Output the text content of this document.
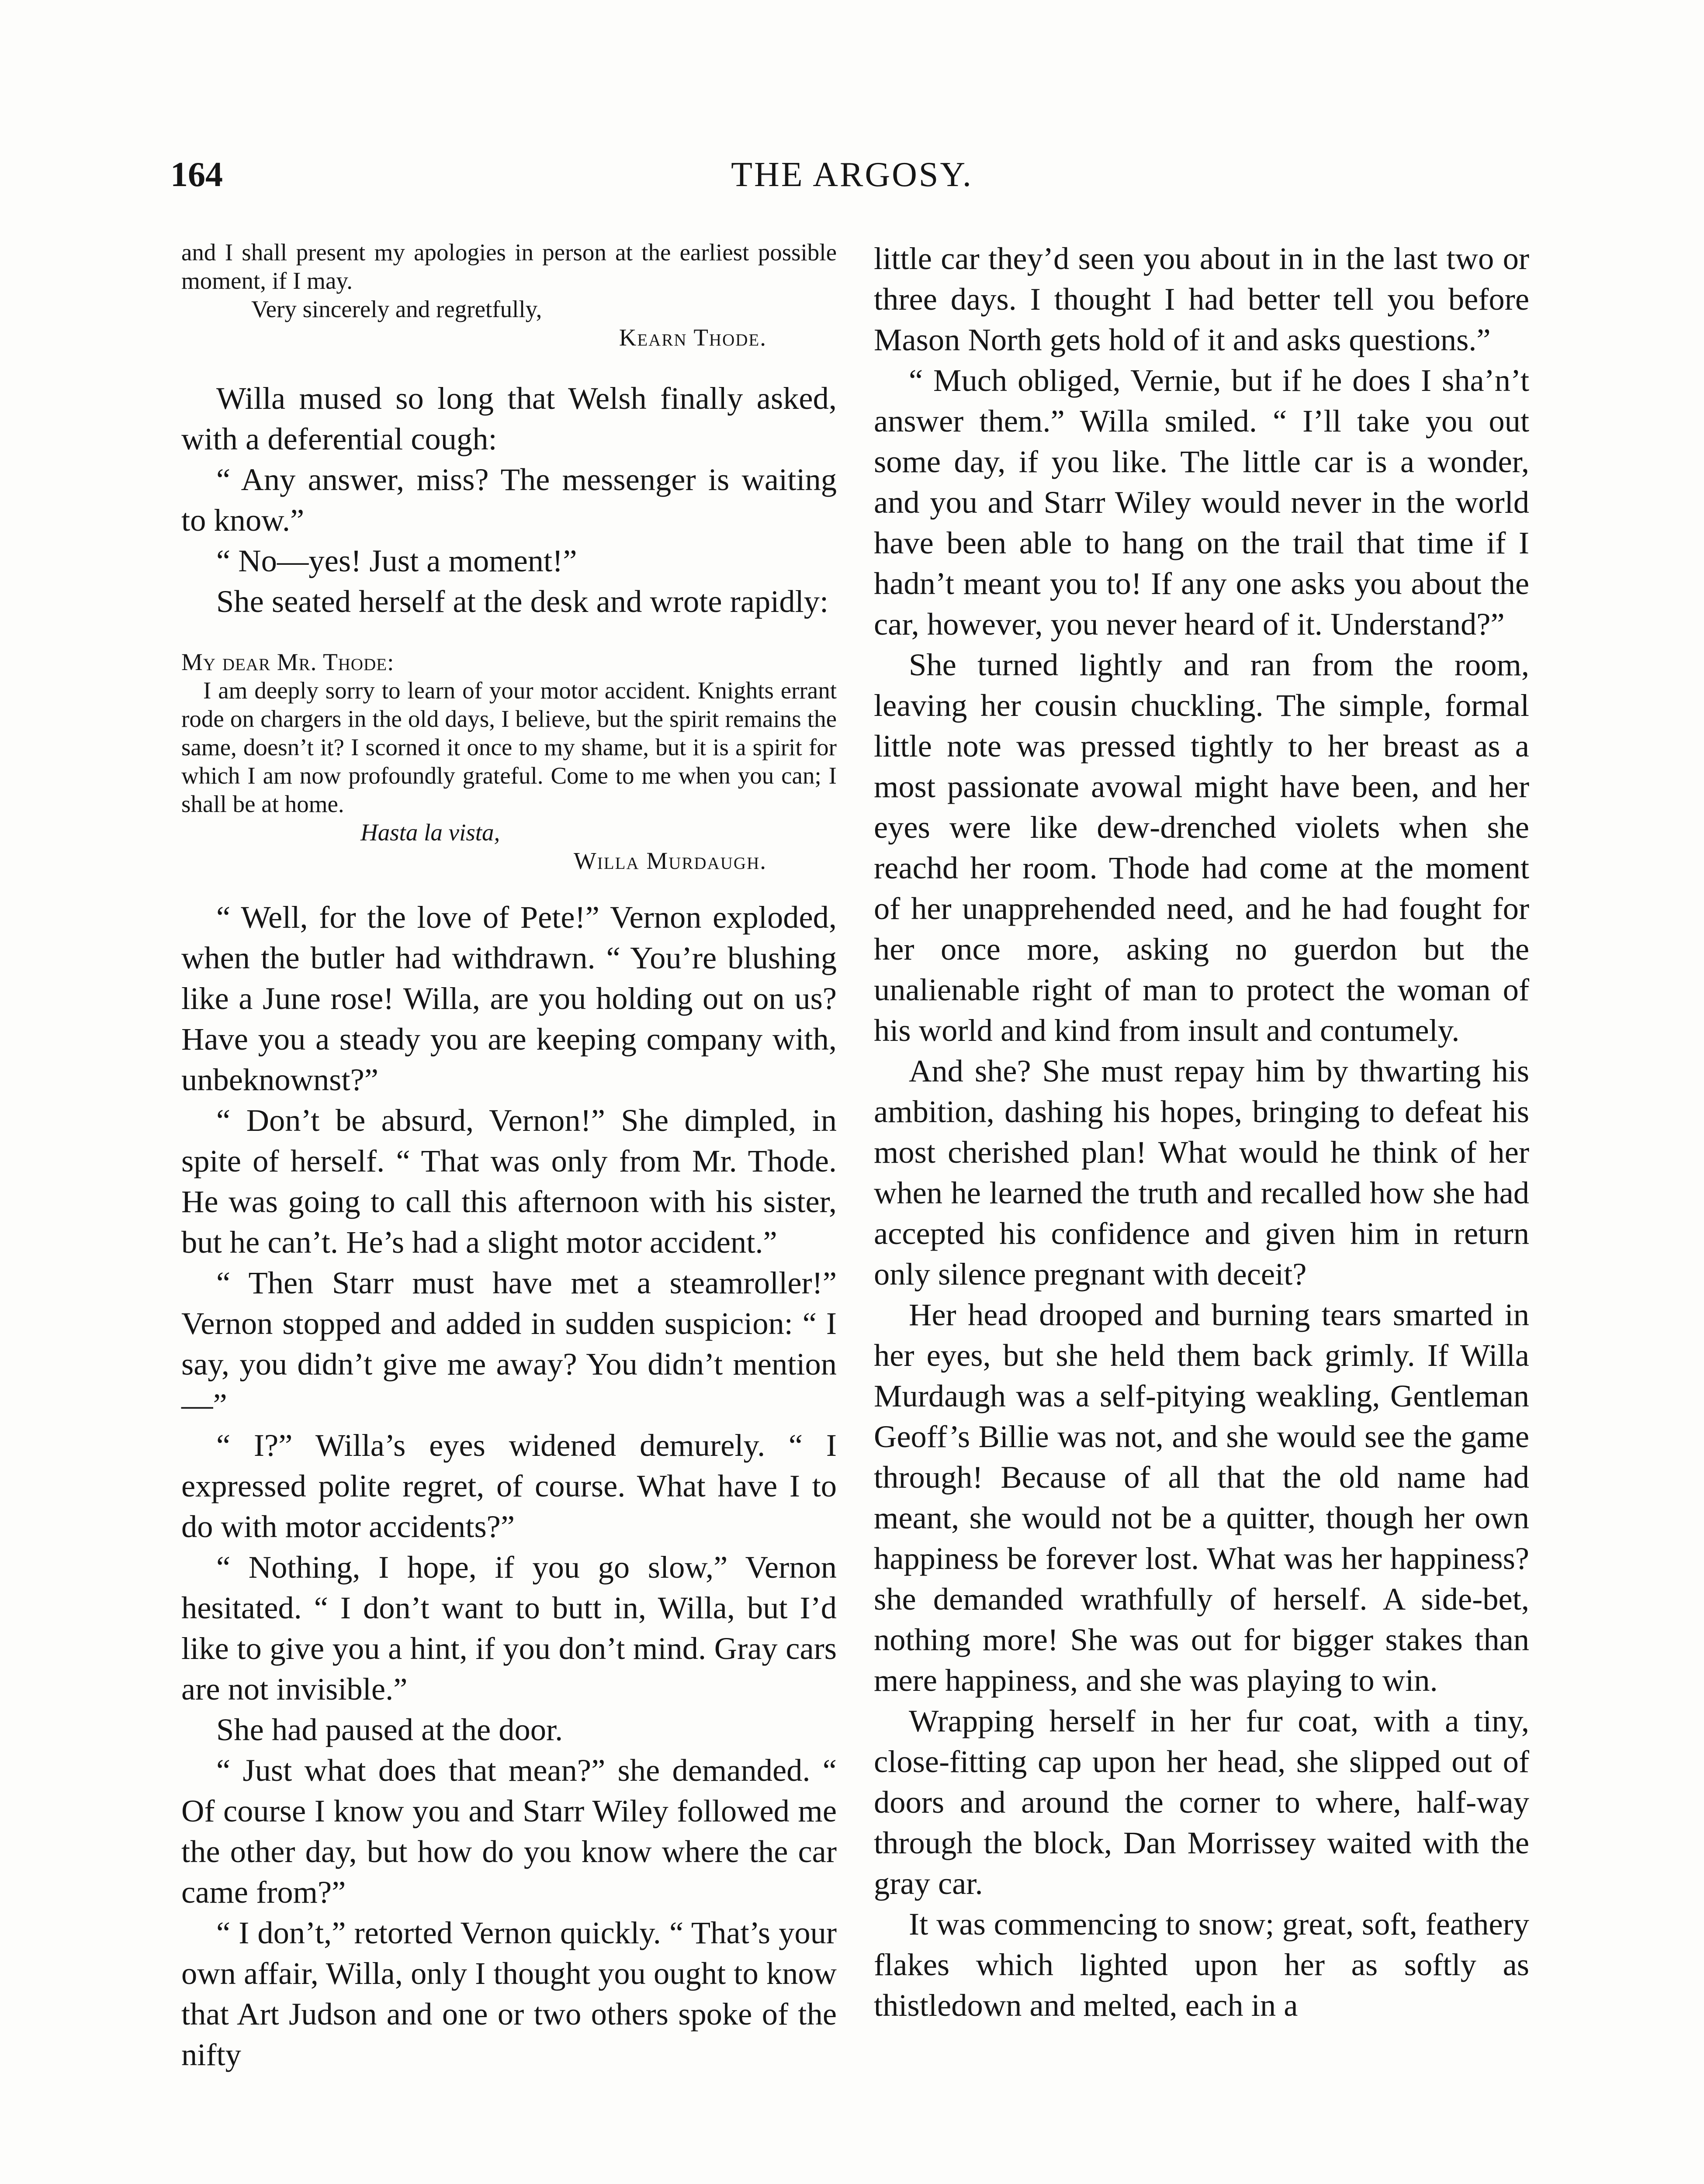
164	THE ARGOSY.

and I shall present my apologies in person at the earliest possible moment, if I may.

Very sincerely and regretfully,

Kearn Thode.

Willa mused so long that Welsh finally asked, with a deferential cough:

“ Any answer, miss? The messenger is waiting to know.”

“ No—yes! Just a moment!”

She seated herself at the desk and wrote rapidly:

My dear Mr. Thode:

I am deeply sorry to learn of your motor accident. Knights errant rode on chargers in the old days, I believe, but the spirit remains the same, doesn’t it? I scorned it once to my shame, but it is a spirit for which I am now profoundly grateful. Come to me when you can; I shall be at home.

Hasta la vista,

Willa Murdaugh.

“ Well, for the love of Pete!” Vernon exploded, when the butler had withdrawn. “ You’re blushing like a June rose! Willa, are you holding out on us? Have you a steady you are keeping company with, unbeknownst?”

“ Don’t be absurd, Vernon!” She dimpled, in spite of herself. “ That was only from Mr. Thode. He was going to call this afternoon with his sister, but he can’t. He’s had a slight motor accident.”

“ Then Starr must have met a steamroller!” Vernon stopped and added in sudden suspicion: “ I say, you didn’t give me away? You didn’t mention—”

“ I?” Willa’s eyes widened demurely. “ I expressed polite regret, of course. What have I to do with motor accidents?”

“ Nothing, I hope, if you go slow,” Vernon hesitated. “ I don’t want to butt in, Willa, but I’d like to give you a hint, if you don’t mind. Gray cars are not invisible.”

She had paused at the door.

“ Just what does that mean?” she demanded. “ Of course I know you and Starr Wiley followed me the other day, but how do you know where the car came from?”

“ I don’t,” retorted Vernon quickly. “ That’s your own affair, Willa, only I thought you ought to know that Art Judson and one or two others spoke of the nifty

little car they’d seen you about in in the last two or three days. I thought I had better tell you before Mason North gets hold of it and asks questions.”

“ Much obliged, Vernie, but if he does I sha’n’t answer them.” Willa smiled. “ I’ll take you out some day, if you like. The little car is a wonder, and you and Starr Wiley would never in the world have been able to hang on the trail that time if I hadn’t meant you to! If any one asks you about the car, however, you never heard of it. Understand?”

She turned lightly and ran from the room, leaving her cousin chuckling. The simple, formal little note was pressed tightly to her breast as a most passionate avowal might have been, and her eyes were like dew-drenched violets when she reachd her room. Thode had come at the moment of her unapprehended need, and he had fought for her once more, asking no guerdon but the unalienable right of man to protect the woman of his world and kind from insult and contumely.

And she? She must repay him by thwarting his ambition, dashing his hopes, bringing to defeat his most cherished plan! What would he think of her when he learned the truth and recalled how she had accepted his confidence and given him in return only silence pregnant with deceit?

Her head drooped and burning tears smarted in her eyes, but she held them back grimly. If Willa Murdaugh was a self-pitying weakling, Gentleman Geoff’s Billie was not, and she would see the game through! Because of all that the old name had meant, she would not be a quitter, though her own happiness be forever lost. What was her happiness? she demanded wrathfully of herself. A side-bet, nothing more! She was out for bigger stakes than mere happiness, and she was playing to win.

Wrapping herself in her fur coat, with a tiny, close-fitting cap upon her head, she slipped out of doors and around the corner to where, half-way through the block, Dan Morrissey waited with the gray car.

It was commencing to snow; great, soft, feathery flakes which lighted upon her as softly as thistledown and melted, each in a
